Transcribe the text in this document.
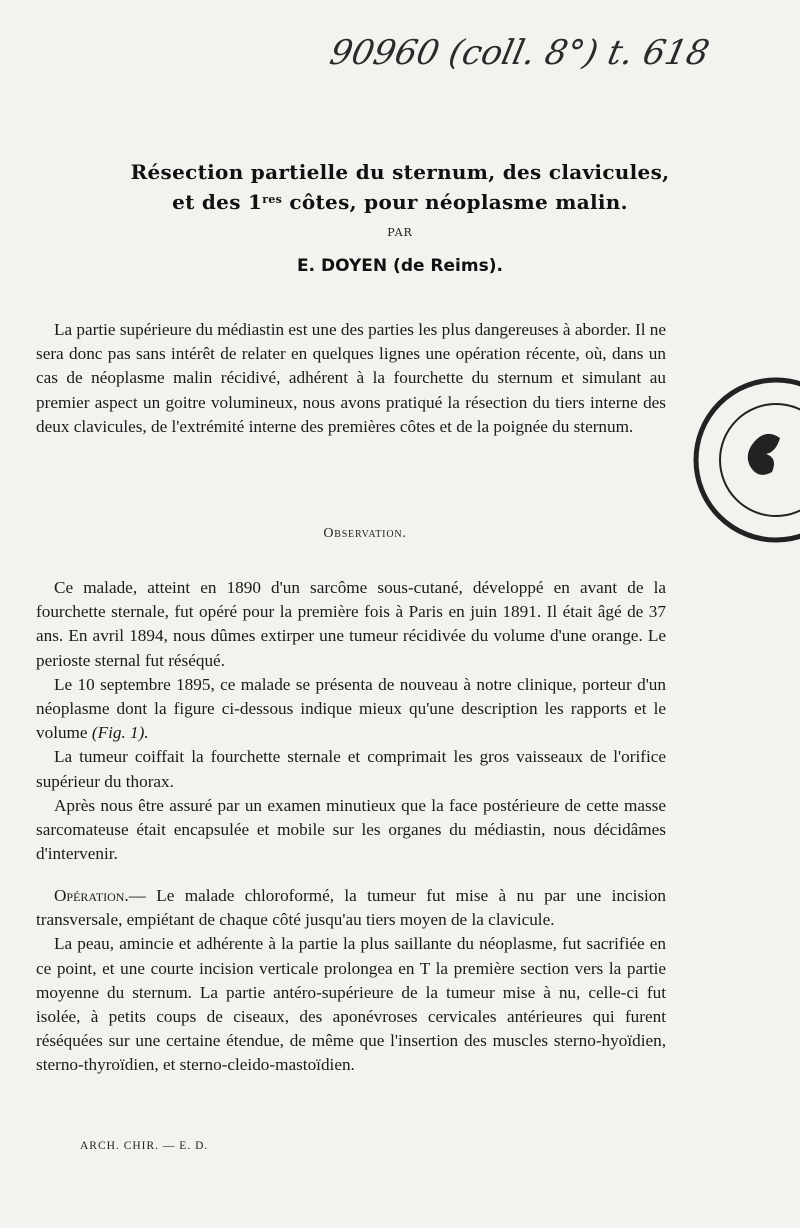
90960 (coll. 8°) t. 618
Résection partielle du sternum, des clavicules,
et des 1res côtes, pour néoplasme malin.
PAR
E. DOYEN (de Reims).

La partie supérieure du médiastin est une des parties les plus dangereuses à aborder. Il ne sera donc pas sans intérêt de relater en quelques lignes une opération récente, où, dans un cas de néoplasme malin récidivé, adhérent à la fourchette du sternum et simulant au premier aspect un goitre volumineux, nous avons pratiqué la résection du tiers interne des deux clavicules, de l'extrémité interne des premières côtes et de la poignée du sternum.

Observation.

Ce malade, atteint en 1890 d'un sarcôme sous-cutané, développé en avant de la fourchette sternale, fut opéré pour la première fois à Paris en juin 1891. Il était âgé de 37 ans. En avril 1894, nous dûmes extirper une tumeur récidivée du volume d'une orange. Le perioste sternal fut réséqué.

Le 10 septembre 1895, ce malade se présenta de nouveau à notre clinique, porteur d'un néoplasme dont la figure ci-dessous indique mieux qu'une description les rapports et le volume (Fig. 1).

La tumeur coiffait la fourchette sternale et comprimait les gros vaisseaux de l'orifice supérieur du thorax.

Après nous être assuré par un examen minutieux que la face postérieure de cette masse sarcomateuse était encapsulée et mobile sur les organes du médiastin, nous décidâmes d'intervenir.

Opération.— Le malade chloroformé, la tumeur fut mise à nu par une incision transversale, empiétant de chaque côté jusqu'au tiers moyen de la clavicule.

La peau, amincie et adhérente à la partie la plus saillante du néoplasme, fut sacrifiée en ce point, et une courte incision verticale prolongea en T la première section vers la partie moyenne du sternum. La partie antéro-supérieure de la tumeur mise à nu, celle-ci fut isolée, à petits coups de ciseaux, des aponévroses cervicales antérieures qui furent réséquées sur une certaine étendue, de même que l'insertion des muscles sterno-hyoïdien, sterno-thyroïdien, et sterno-cleido-mastoïdien.

ARCH. CHIR. — E. D.
